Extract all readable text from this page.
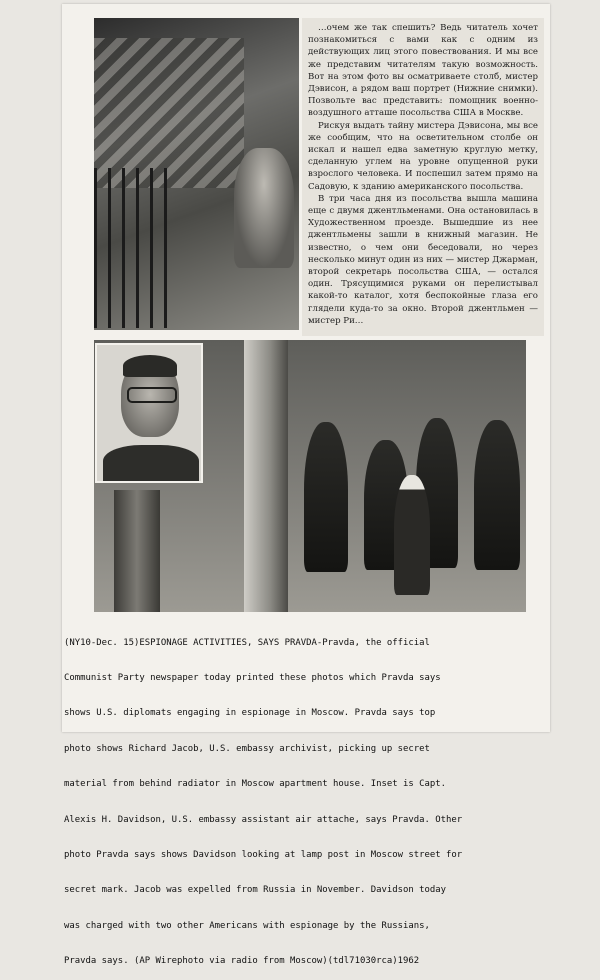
…очем же так спешить? Ведь читатель хочет познакомиться с вами как с одним из действующих лиц этого повествования. И мы все же представим читателям такую возможность. Вот на этом фото вы осматриваете столб, мистер Дэвисон, а рядом ваш портрет (Нижние снимки). Позвольте вас представить: помощник военно-воздушного атташе посольства США в Москве.

Рискуя выдать тайну мистера Дэвисона, мы все же сообщим, что на осветительном столбе он искал и нашел едва заметную круглую метку, сделанную углем на уровне опущенной руки взрослого человека. И поспешил затем прямо на Садовую, к зданию американского посольства.

В три часа дня из посольства вышла машина еще с двумя джентльменами. Она остановилась в Художественном проезде. Вышедшие из нее джентльмены зашли в книжный магазин. Не известно, о чем они беседовали, но через несколько минут один из них — мистер Джарман, второй секретарь посольства США, — остался один. Трясущимися руками он перелистывал какой-то каталог, хотя беспокойные глаза его глядели куда-то за окно. Второй джентльмен — мистер Ри…

(NY10-Dec. 15)ESPIONAGE ACTIVITIES, SAYS PRAVDA-Pravda, the official

Communist Party newspaper today printed these photos which Pravda says

shows U.S. diplomats engaging in espionage in Moscow. Pravda says top

photo shows Richard Jacob, U.S. embassy archivist, picking up secret

material from behind radiator in Moscow apartment house. Inset is Capt.

Alexis H. Davidson, U.S. embassy assistant air attache, says Pravda. Other

photo Pravda says shows Davidson looking at lamp post in Moscow street for

secret mark. Jacob was expelled from Russia in November. Davidson today

was charged with two other Americans with espionage by the Russians,

Pravda says. (AP Wirephoto via radio from Moscow)(tdl71030rca)1962
